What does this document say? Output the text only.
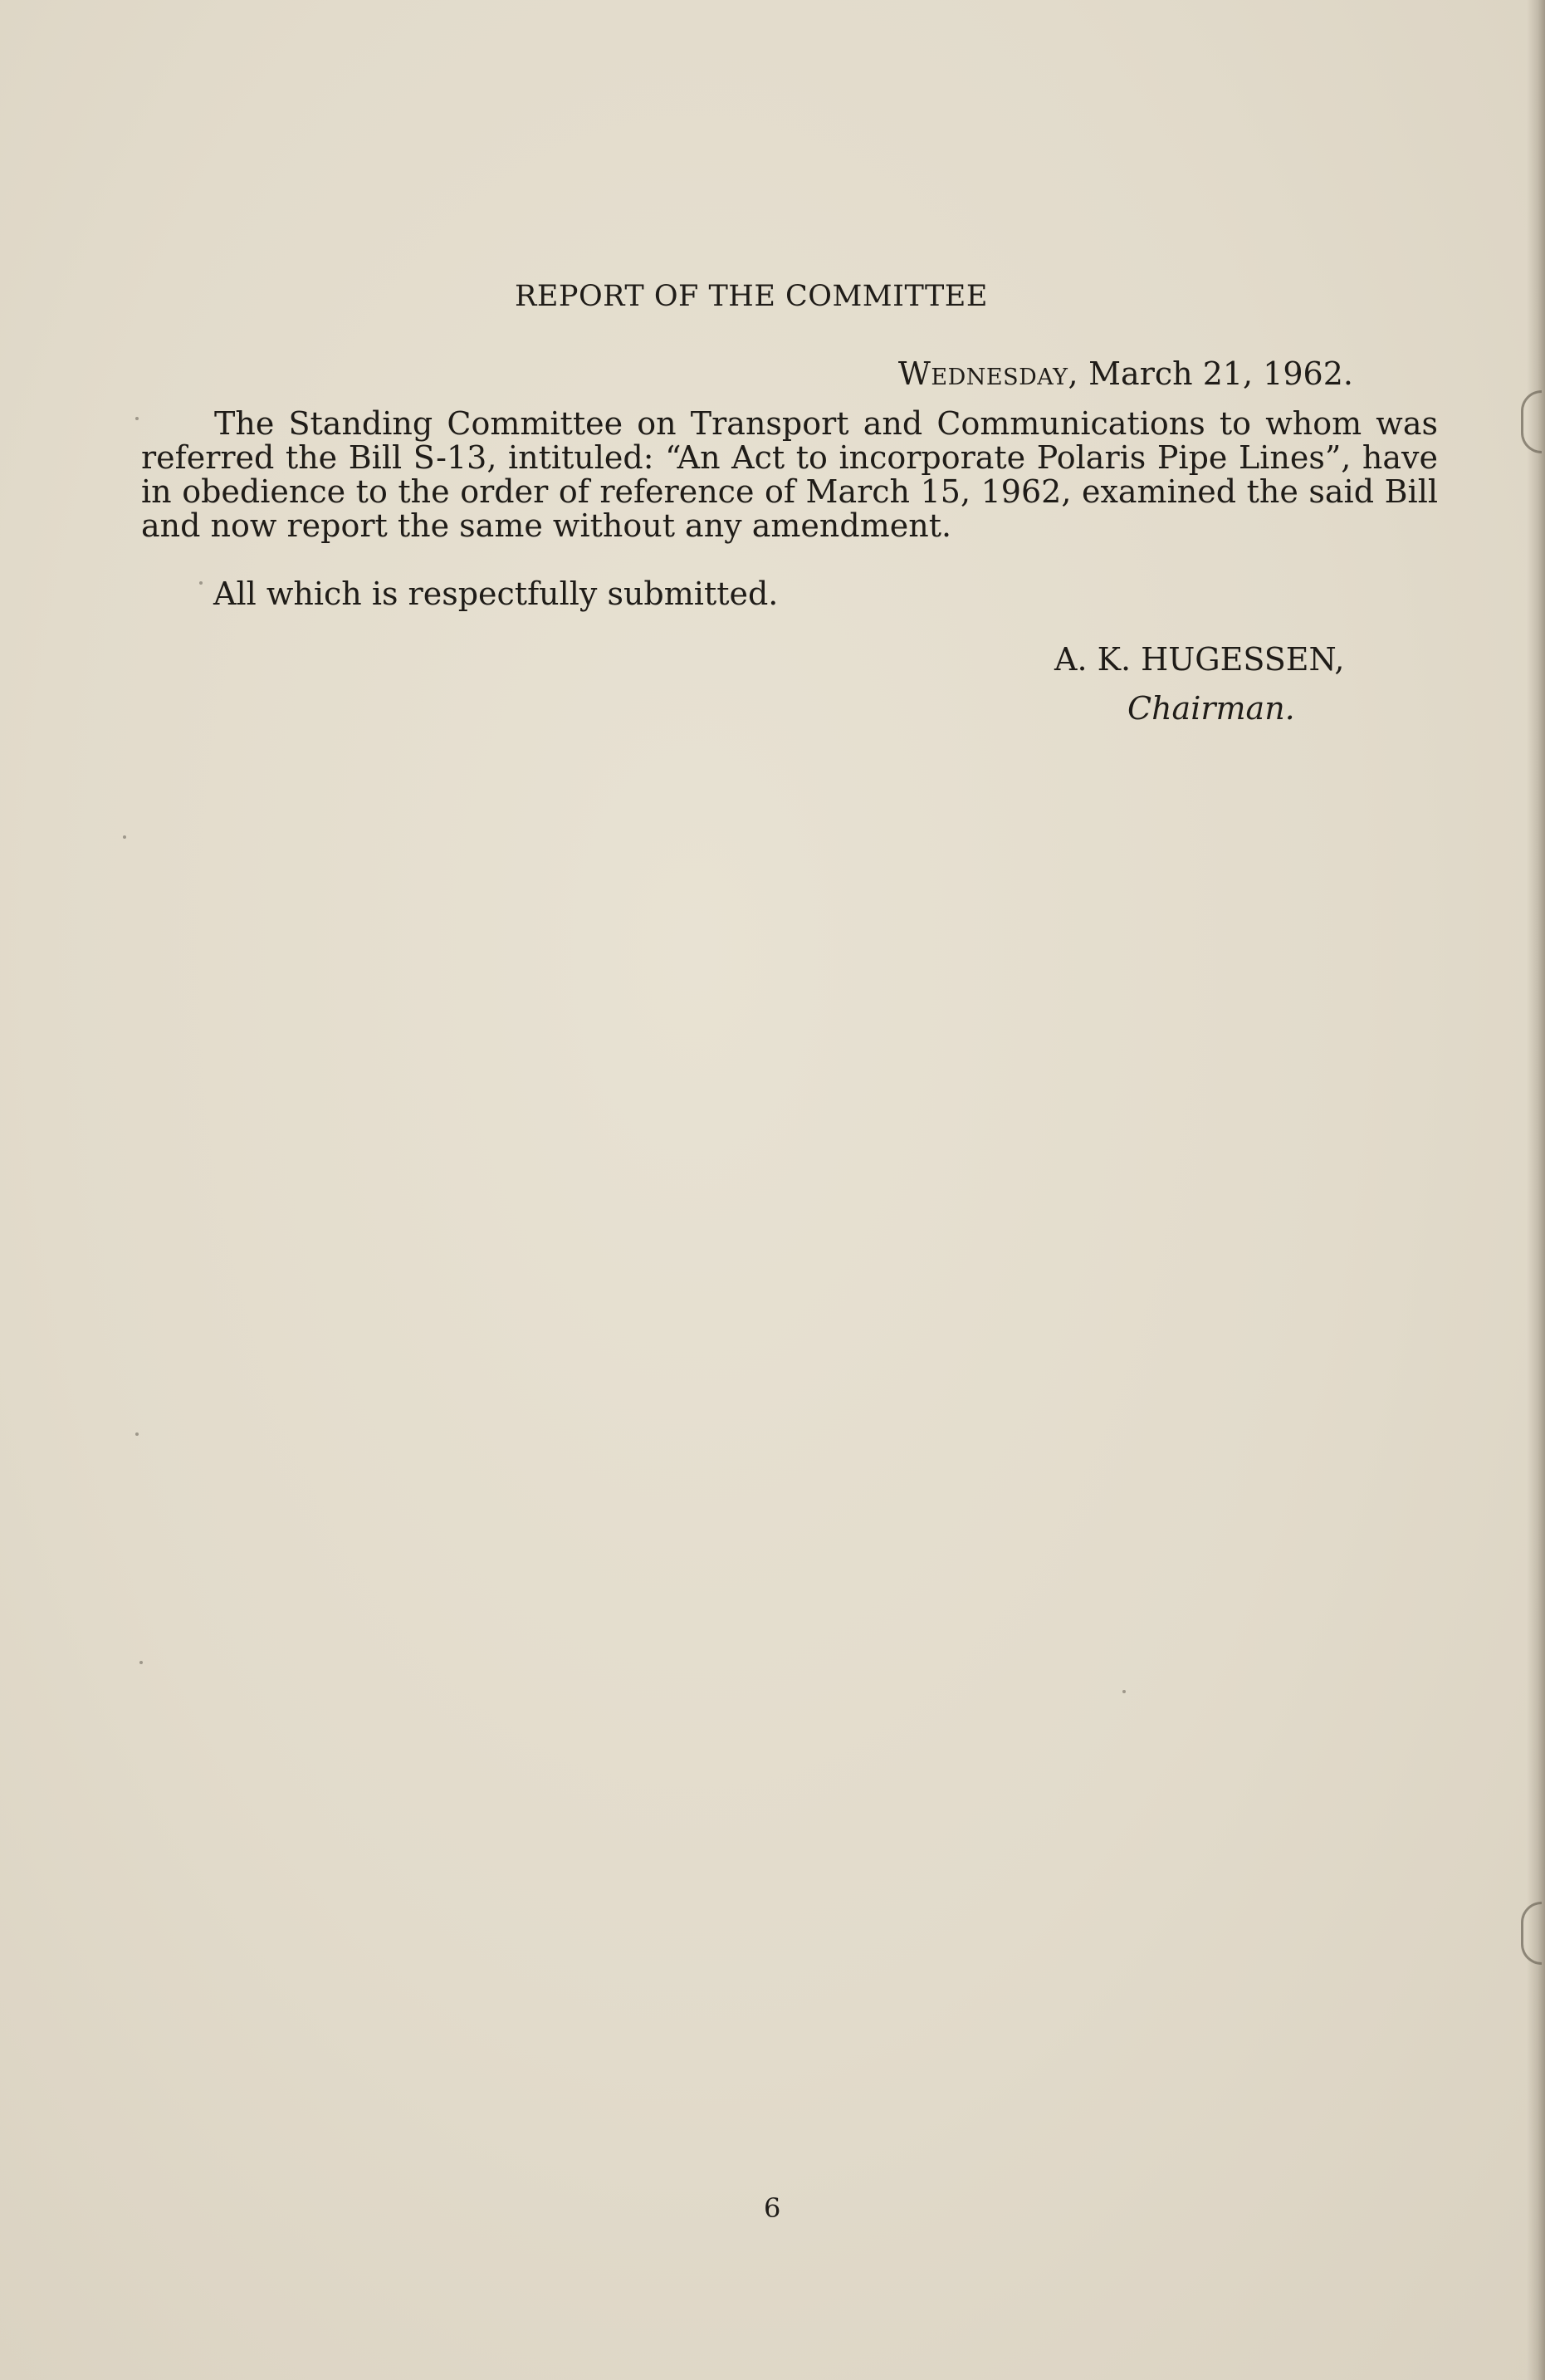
REPORT OF THE COMMITTEE
Wednesday, March 21, 1962.

The Standing Committee on Transport and Communications to whom was referred the Bill S-13, intituled: “An Act to incorporate Polaris Pipe Lines”, have in obedience to the order of reference of March 15, 1962, examined the said Bill and now report the same without any amendment.

All which is respectfully submitted.
A. K. HUGESSEN,
Chairman.
6
